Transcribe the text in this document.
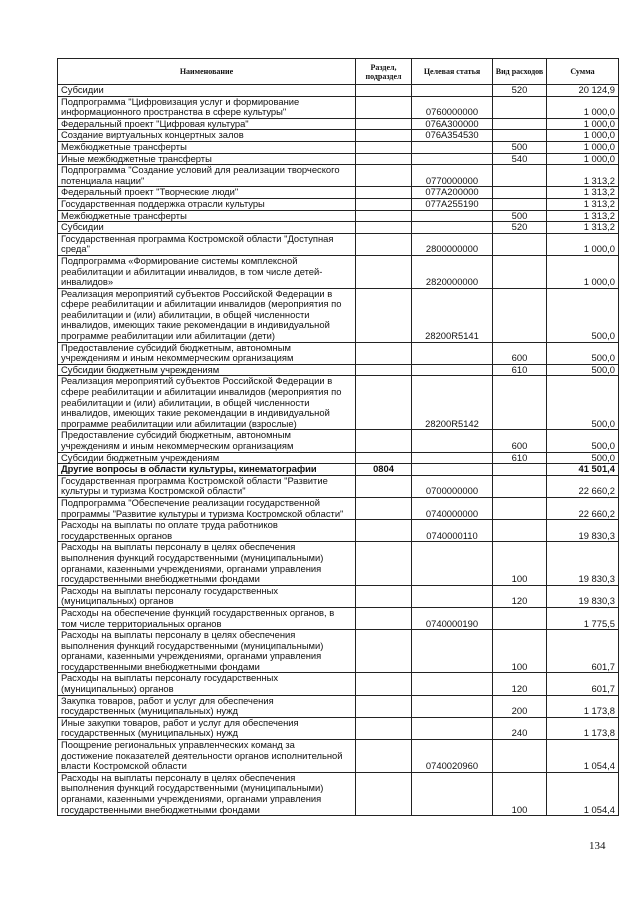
Наименование	Раздел, подраздел	Целевая статья	Вид расходов	Сумма
Субсидии			520	20 124,9
Подпрограмма "Цифровизация услуг и формирование
информационного пространства в сфере культуры"		0760000000		1 000,0
Федеральный проект "Цифровая культура"		076А300000		1 000,0
Создание виртуальных концертных залов		076А354530		1 000,0
Межбюджетные трансферты			500	1 000,0
Иные межбюджетные трансферты			540	1 000,0
Подпрограмма "Создание условий для реализации творческого
потенциала нации"		0770000000		1 313,2
Федеральный проект "Творческие люди"		077А200000		1 313,2
Государственная поддержка отрасли культуры		077А255190		1 313,2
Межбюджетные трансферты			500	1 313,2
Субсидии			520	1 313,2
Государственная программа Костромской области "Доступная
среда"		2800000000		1 000,0
Подпрограмма «Формирование системы комплексной
реабилитации и абилитации инвалидов, в том числе детей-
инвалидов»		2820000000		1 000,0
Реализация мероприятий субъектов Российской Федерации в
сфере реабилитации и абилитации инвалидов (мероприятия по
реабилитации и (или) абилитации, в общей численности
инвалидов, имеющих такие рекомендации в индивидуальной
программе реабилитации или абилитации (дети)		28200R5141		500,0
Предоставление субсидий бюджетным, автономным
учреждениям и иным некоммерческим организациям			600	500,0
Субсидии бюджетным учреждениям			610	500,0
Реализация мероприятий субъектов Российской Федерации в
сфере реабилитации и абилитации инвалидов (мероприятия по
реабилитации и (или) абилитации, в общей численности
инвалидов, имеющих такие рекомендации в индивидуальной
программе реабилитации или абилитации (взрослые)		28200R5142		500,0
Предоставление субсидий бюджетным, автономным
учреждениям и иным некоммерческим организациям			600	500,0
Субсидии бюджетным учреждениям			610	500,0
Другие вопросы в области культуры, кинематографии	0804			41 501,4
Государственная программа Костромской области "Развитие
культуры и туризма Костромской области"		0700000000		22 660,2
Подпрограмма "Обеспечение реализации государственной
программы "Развитие культуры и туризма Костромской области"		0740000000		22 660,2
Расходы на выплаты по оплате труда работников
государственных органов		0740000110		19 830,3
Расходы на выплаты персоналу в целях обеспечения
выполнения функций государственными (муниципальными)
органами, казенными учреждениями, органами управления
государственными внебюджетными фондами			100	19 830,3
Расходы на выплаты персоналу государственных
(муниципальных) органов			120	19 830,3
Расходы на обеспечение функций государственных органов, в
том числе территориальных органов		0740000190		1 775,5
Расходы на выплаты персоналу в целях обеспечения
выполнения функций государственными (муниципальными)
органами, казенными учреждениями, органами управления
государственными внебюджетными фондами			100	601,7
Расходы на выплаты персоналу государственных
(муниципальных) органов			120	601,7
Закупка товаров, работ и услуг для обеспечения
государственных (муниципальных) нужд			200	1 173,8
Иные закупки товаров, работ и услуг для обеспечения
государственных (муниципальных) нужд			240	1 173,8
Поощрение региональных управленческих команд за
достижение показателей деятельности органов исполнительной
власти Костромской области		0740020960		1 054,4
Расходы на выплаты персоналу в целях обеспечения
выполнения функций государственными (муниципальными)
органами, казенными учреждениями, органами управления
государственными внебюджетными фондами			100	1 054,4
134
